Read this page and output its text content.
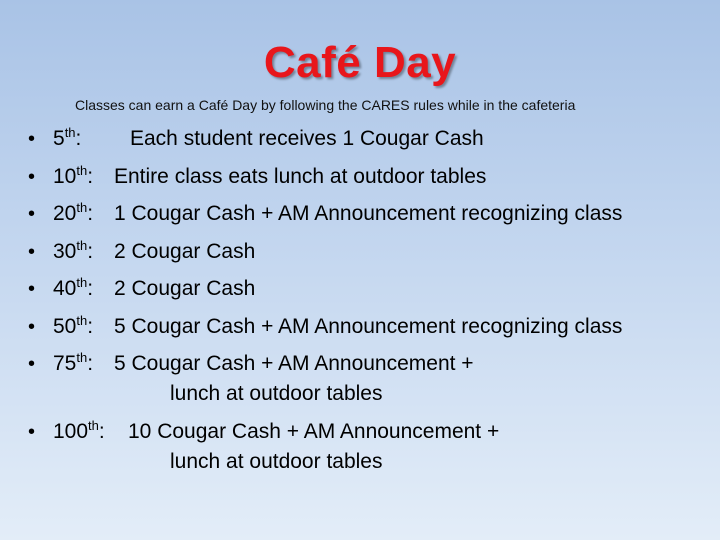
Café Day
Classes can earn a Café Day by following the CARES rules while in the cafeteria
• 5th: Each student receives 1 Cougar Cash
• 10th: Entire class eats lunch at outdoor tables
• 20th: 1 Cougar Cash + AM Announcement recognizing class
• 30th: 2 Cougar Cash
• 40th: 2 Cougar Cash
• 50th: 5 Cougar Cash + AM Announcement recognizing class
• 75th: 5 Cougar Cash + AM Announcement +
lunch at outdoor tables
• 100th: 10 Cougar Cash + AM Announcement +
lunch at outdoor tables
